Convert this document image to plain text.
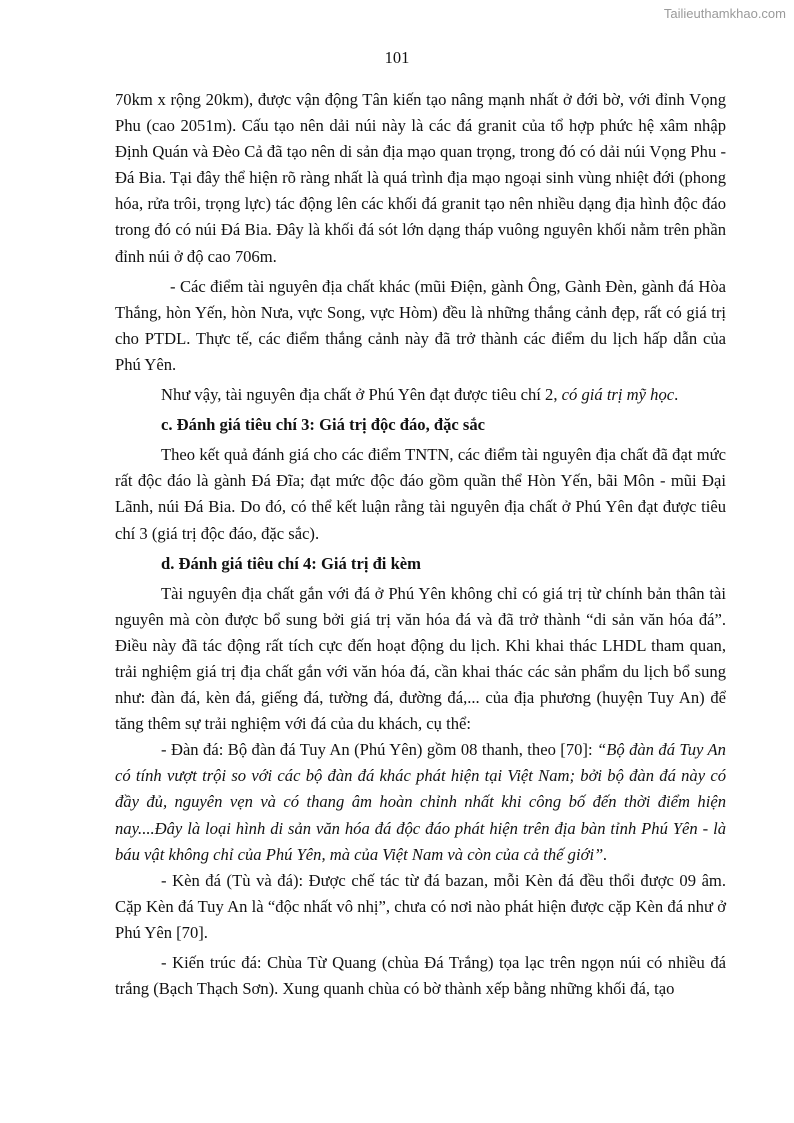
Tailieuthamkhao.com
101

70km x rộng 20km), được vận động Tân kiến tạo nâng mạnh nhất ở đới bờ, với đỉnh Vọng Phu (cao 2051m). Cấu tạo nên dải núi này là các đá granit của tổ hợp phức hệ xâm nhập Định Quán và Đèo Cả đã tạo nên di sản địa mạo quan trọng, trong đó có dải núi Vọng Phu - Đá Bia. Tại đây thể hiện rõ ràng nhất là quá trình địa mạo ngoại sinh vùng nhiệt đới (phong hóa, rửa trôi, trọng lực) tác động lên các khối đá granit tạo nên nhiều dạng địa hình độc đáo trong đó có núi Đá Bia. Đây là khối đá sót lớn dạng tháp vuông nguyên khối nằm trên phần đỉnh núi ở độ cao 706m.

- Các điểm tài nguyên địa chất khác (mũi Điện, gành Ông, Gành Đèn, gành đá Hòa Thắng, hòn Yến, hòn Nưa, vực Song, vực Hòm) đều là những thắng cảnh đẹp, rất có giá trị cho PTDL. Thực tế, các điểm thắng cảnh này đã trở thành các điểm du lịch hấp dẫn của Phú Yên.

Như vậy, tài nguyên địa chất ở Phú Yên đạt được tiêu chí 2, có giá trị mỹ học.

c. Đánh giá tiêu chí 3: Giá trị độc đáo, đặc sắc

Theo kết quả đánh giá cho các điểm TNTN, các điểm tài nguyên địa chất đã đạt mức rất độc đáo là gành Đá Đĩa; đạt mức độc đáo gồm quần thể Hòn Yến, bãi Môn - mũi Đại Lãnh, núi Đá Bia. Do đó, có thể kết luận rằng tài nguyên địa chất ở Phú Yên đạt được tiêu chí 3 (giá trị độc đáo, đặc sắc).

d. Đánh giá tiêu chí 4: Giá trị đi kèm

Tài nguyên địa chất gắn với đá ở Phú Yên không chỉ có giá trị từ chính bản thân tài nguyên mà còn được bổ sung bởi giá trị văn hóa đá và đã trở thành “di sản văn hóa đá”. Điều này đã tác động rất tích cực đến hoạt động du lịch. Khi khai thác LHDL tham quan, trải nghiệm giá trị địa chất gắn với văn hóa đá, cần khai thác các sản phẩm du lịch bổ sung như: đàn đá, kèn đá, giếng đá, tường đá, đường đá,... của địa phương (huyện Tuy An) để tăng thêm sự trải nghiệm với đá của du khách, cụ thể:

- Đàn đá: Bộ đàn đá Tuy An (Phú Yên) gồm 08 thanh, theo [70]: “Bộ đàn đá Tuy An có tính vượt trội so với các bộ đàn đá khác phát hiện tại Việt Nam; bởi bộ đàn đá này có đầy đủ, nguyên vẹn và có thang âm hoàn chỉnh nhất khi công bố đến thời điểm hiện nay....Đây là loại hình di sản văn hóa đá độc đáo phát hiện trên địa bàn tỉnh Phú Yên - là báu vật không chỉ của Phú Yên, mà của Việt Nam và còn của cả thế giới”.

- Kèn đá (Tù và đá): Được chế tác từ đá bazan, mỗi Kèn đá đều thổi được 09 âm. Cặp Kèn đá Tuy An là “độc nhất vô nhị”, chưa có nơi nào phát hiện được cặp Kèn đá như ở Phú Yên [70].

- Kiến trúc đá: Chùa Từ Quang (chùa Đá Trắng) tọa lạc trên ngọn núi có nhiều đá trắng (Bạch Thạch Sơn). Xung quanh chùa có bờ thành xếp bằng những khối đá, tạo
